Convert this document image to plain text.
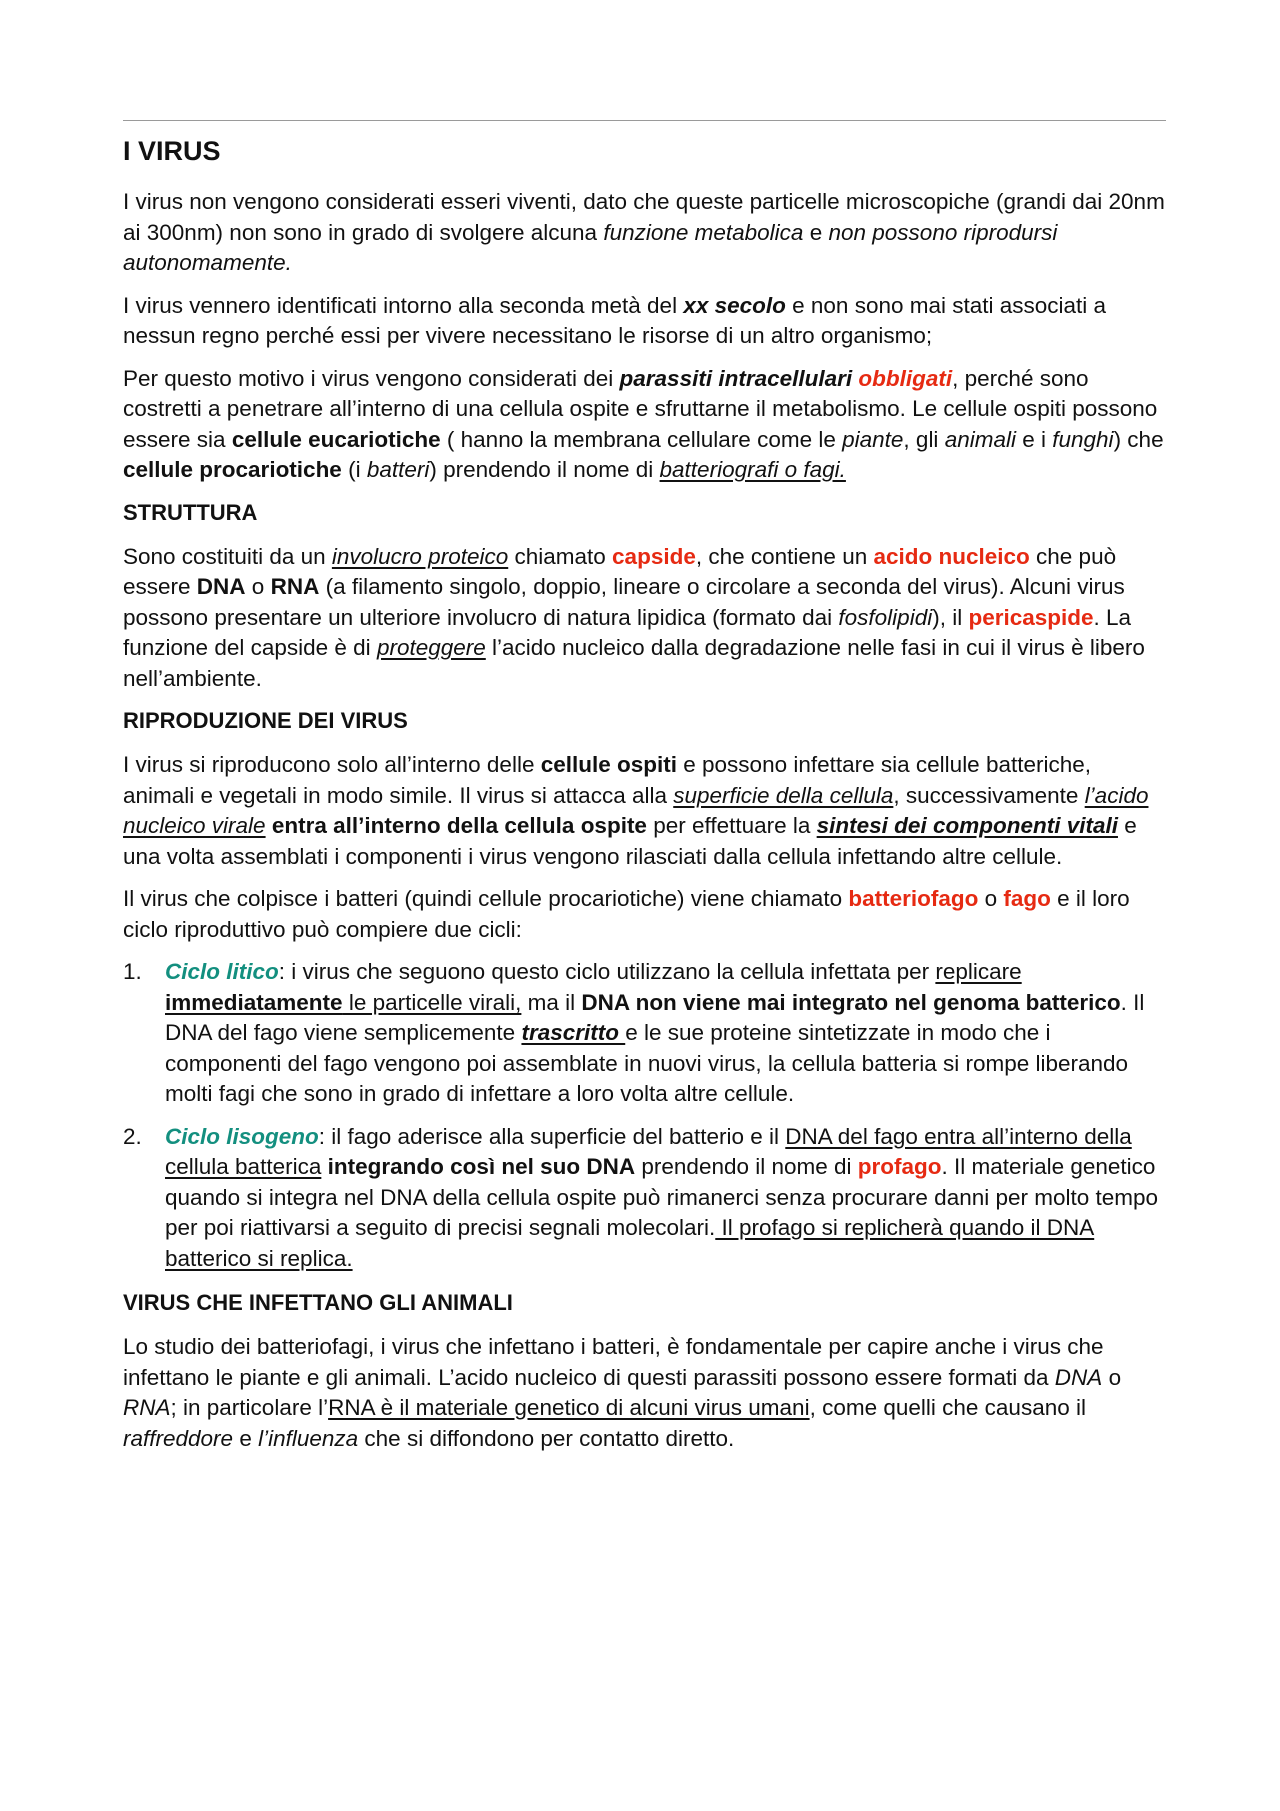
I VIRUS

I virus non vengono considerati esseri viventi, dato che queste particelle microscopiche (grandi dai 20nm ai 300nm) non sono in grado di svolgere alcuna funzione metabolica e non possono riprodursi autonomamente.

I virus vennero identificati intorno alla seconda metà del xx secolo e non sono mai stati associati a nessun regno perché essi per vivere necessitano le risorse di un altro organismo;

Per questo motivo i virus vengono considerati dei parassiti intracellulari obbligati, perché sono costretti a penetrare all’interno di una cellula ospite e sfruttarne il metabolismo. Le cellule ospiti possono essere sia cellule eucariotiche ( hanno la membrana cellulare come le piante, gli animali e i funghi) che cellule procariotiche (i batteri) prendendo il nome di batteriografi o fagi.

STRUTTURA

Sono costituiti da un involucro proteico chiamato capside, che contiene un acido nucleico che può essere DNA o RNA (a filamento singolo, doppio, lineare o circolare a seconda del virus). Alcuni virus possono presentare un ulteriore involucro di natura lipidica (formato dai fosfolipidi), il pericaspide. La funzione del capside è di proteggere l’acido nucleico dalla degradazione nelle fasi in cui il virus è libero nell’ambiente.

RIPRODUZIONE DEI VIRUS

I virus si riproducono solo all’interno delle cellule ospiti e possono infettare sia cellule batteriche, animali e vegetali in modo simile. Il virus si attacca alla superficie della cellula, successivamente l’acido nucleico virale entra all’interno della cellula ospite per effettuare la sintesi dei componenti vitali e una volta assemblati i componenti i virus vengono rilasciati dalla cellula infettando altre cellule.

Il virus che colpisce i batteri (quindi cellule procariotiche) viene chiamato batteriofago o fago e il loro ciclo riproduttivo può compiere due cicli:

1.	Ciclo litico: i virus che seguono questo ciclo utilizzano la cellula infettata per replicare immediatamente le particelle virali, ma il DNA non viene mai integrato nel genoma batterico. Il DNA del fago viene semplicemente trascritto e le sue proteine sintetizzate in modo che i componenti del fago vengono poi assemblate in nuovi virus, la cellula batteria si rompe liberando molti fagi che sono in grado di infettare a loro volta altre cellule.
2.	Ciclo lisogeno: il fago aderisce alla superficie del batterio e il DNA del fago entra all’interno della cellula batterica integrando così nel suo DNA prendendo il nome di profago. Il materiale genetico quando si integra nel DNA della cellula ospite può rimanerci senza procurare danni per molto tempo per poi riattivarsi a seguito di precisi segnali molecolari. Il profago si replicherà quando il DNA batterico si replica.
VIRUS CHE INFETTANO GLI ANIMALI

Lo studio dei batteriofagi, i virus che infettano i batteri, è fondamentale per capire anche i virus che infettano le piante e gli animali. L’acido nucleico di questi parassiti possono essere formati da DNA o RNA; in particolare l’RNA è il materiale genetico di alcuni virus umani, come quelli che causano il raffreddore e l’influenza che si diffondono per contatto diretto.
